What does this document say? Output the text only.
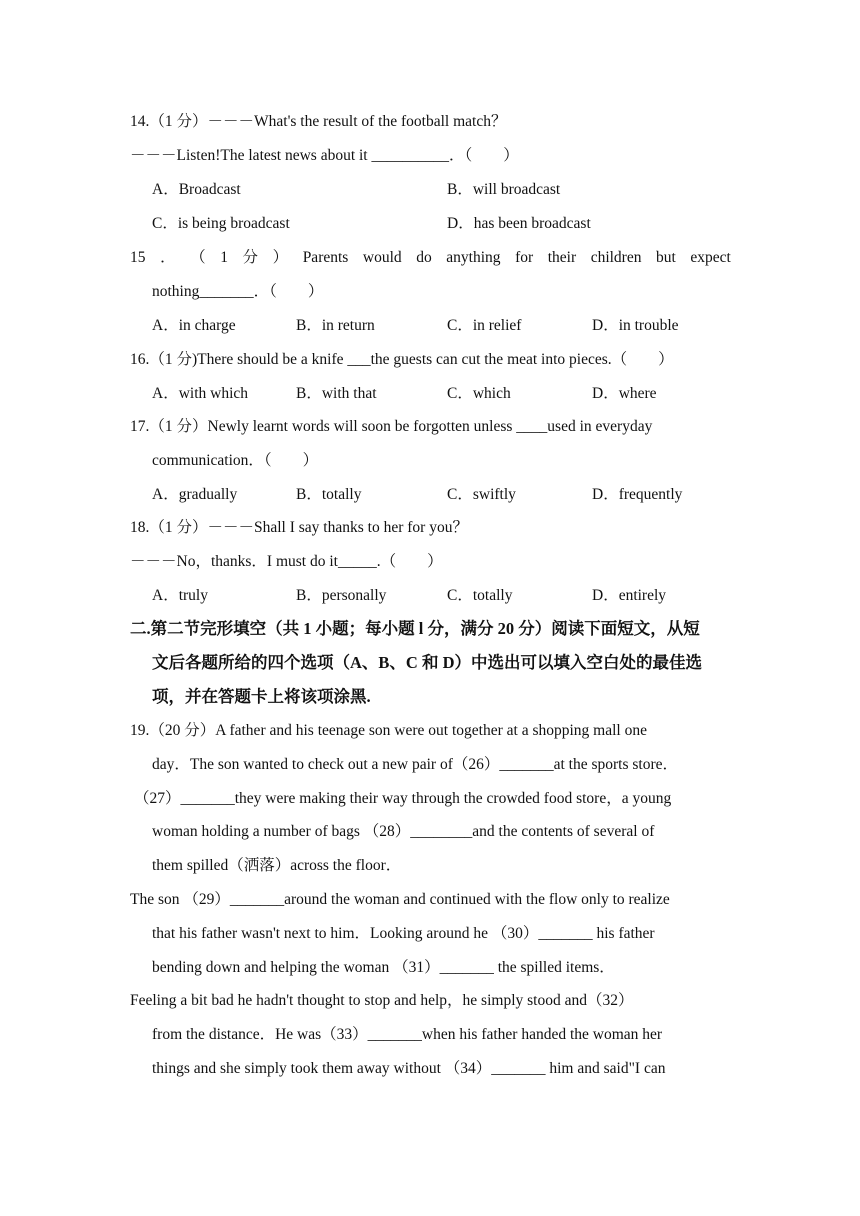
14.（1 分）－－－What's the result of the football match？
－－－Listen!The latest news about it __________．（　　）
A．Broadcast	B．will broadcast
C．is being broadcast	D．has been broadcast
15 ． （ 1 分 ） Parents would do anything for their children but expect
nothing_______．（　　）
A．in charge	B．in return	C．in relief	D．in trouble
16.（1 分)There should be a knife ___the guests can cut the meat into pieces.（　　）
A．with which	B．with that	C．which	D．where
17.（1 分）Newly learnt words will soon be forgotten unless ____used in everyday
communication．（　　）
A．gradually	B．totally	C．swiftly	D．frequently
18.（1 分）－－－Shall I say thanks to her for you？
－－－No，thanks．I must do it_____.（　　）
A．truly	B．personally	C．totally	D．entirely
二.第二节完形填空（共 1 小题；每小题 l 分，满分 20 分）阅读下面短文，从短
文后各题所给的四个选项（A、B、C 和 D）中选出可以填入空白处的最佳选
项，并在答题卡上将该项涂黑.
19.（20 分）A father and his teenage son were out together at a shopping mall one
day．The son wanted to check out a new pair of（26）_______at the sports store．
（27）_______they were making their way through the crowded food store，a young
woman holding a number of bags （28）________and the contents of several of
them spilled（洒落）across the floor．
The son （29）_______around the woman and continued with the flow only to realize
that his father wasn't next to him．Looking around he （30）_______ his father
bending down and helping the woman （31）_______ the spilled items．
Feeling a bit bad he hadn't thought to stop and help，he simply stood and（32）
from the distance．He was（33）_______when his father handed the woman her
things and she simply took them away without （34）_______ him and said"I can
